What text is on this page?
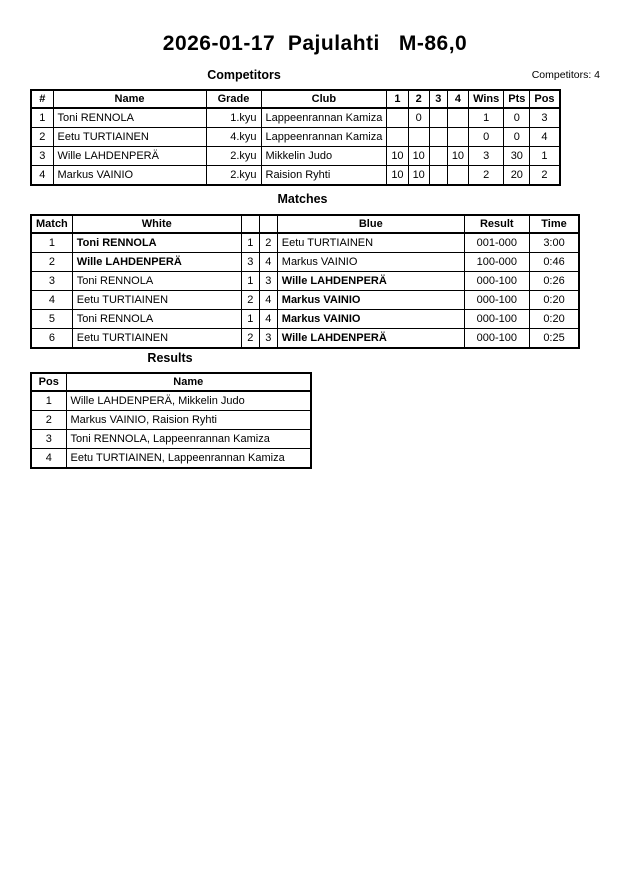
2026-01-17  Pajulahti   M-86,0
Competitors	Competitors: 4
#	Name	Grade	Club	1	2	3	4	Wins	Pts	Pos
1	Toni RENNOLA	1.kyu	Lappeenrannan Kamiza		0			1	0	3
2	Eetu TURTIAINEN	4.kyu	Lappeenrannan Kamiza					0	0	4
3	Wille LAHDENPERÄ	2.kyu	Mikkelin Judo	10	10		10	3	30	1
4	Markus VAINIO	2.kyu	Raision Ryhti	10	10			2	20	2
Matches
Match	White			Blue	Result	Time
1	Toni RENNOLA	1	2	Eetu TURTIAINEN	001-000	3:00
2	Wille LAHDENPERÄ	3	4	Markus VAINIO	100-000	0:46
3	Toni RENNOLA	1	3	Wille LAHDENPERÄ	000-100	0:26
4	Eetu TURTIAINEN	2	4	Markus VAINIO	000-100	0:20
5	Toni RENNOLA	1	4	Markus VAINIO	000-100	0:20
6	Eetu TURTIAINEN	2	3	Wille LAHDENPERÄ	000-100	0:25
Results
Pos	Name
1	Wille LAHDENPERÄ, Mikkelin Judo
2	Markus VAINIO, Raision Ryhti
3	Toni RENNOLA, Lappeenrannan Kamiza
4	Eetu TURTIAINEN, Lappeenrannan Kamiza
